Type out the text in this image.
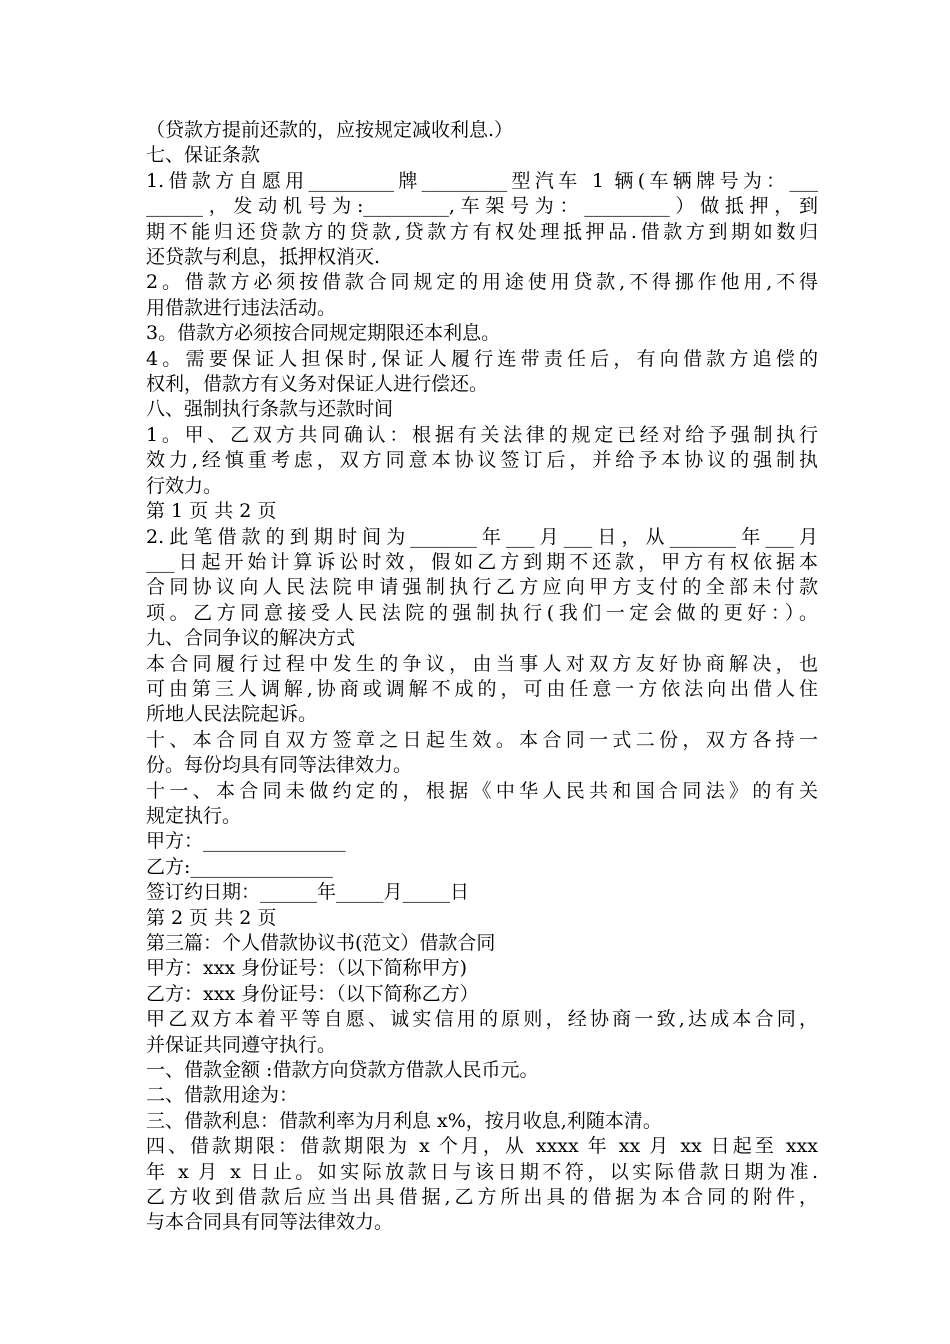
（贷款方提前还款的，应按规定减收利息.）
七、保证条款
1.借款方自愿用_________牌_________型汽车 1 辆(车辆牌号为：___
______，发动机号为:_________,车架号为：_________）做抵押，到
期不能归还贷款方的贷款,贷款方有权处理抵押品.借款方到期如数归
还贷款与利息，抵押权消灭.
2。借款方必须按借款合同规定的用途使用贷款,不得挪作他用,不得
用借款进行违法活动。
3。借款方必须按合同规定期限还本利息。
4。需要保证人担保时,保证人履行连带责任后，有向借款方追偿的
权利，借款方有义务对保证人进行偿还。
八、强制执行条款与还款时间
1。甲、乙双方共同确认：根据有关法律的规定已经对给予强制执行
效力,经慎重考虑，双方同意本协议签订后，并给予本协议的强制执
行效力。
第 1 页 共 2 页
2.此笔借款的到期时间为_______年___月___日，从_______年___月
___日起开始计算诉讼时效，假如乙方到期不还款，甲方有权依据本
合同协议向人民法院申请强制执行乙方应向甲方支付的全部未付款
项。乙方同意接受人民法院的强制执行(我们一定会做的更好：）。
九、合同争议的解决方式
本合同履行过程中发生的争议，由当事人对双方友好协商解决，也
可由第三人调解,协商或调解不成的，可由任意一方依法向出借人住
所地人民法院起诉。
十、本合同自双方签章之日起生效。本合同一式二份，双方各持一
份。每份均具有同等法律效力。
十一、本合同未做约定的，根据《中华人民共和国合同法》的有关
规定执行。
甲方：_______________
乙方:_______________
签订约日期：______年_____月_____日
第 2 页 共 2 页
第三篇：个人借款协议书(范文）借款合同
甲方：xxx 身份证号：（以下简称甲方)
乙方：xxx 身份证号：（以下简称乙方）
甲乙双方本着平等自愿、诚实信用的原则，经协商一致,达成本合同，
并保证共同遵守执行。
一、借款金额 :借款方向贷款方借款人民币元。
二、借款用途为：
三、借款利息：借款利率为月利息 x%，按月收息,利随本清。
四、借款期限：借款期限为 x 个月，从 xxxx 年 xx 月 xx 日起至 xxx
年 x 月 x 日止。如实际放款日与该日期不符，以实际借款日期为准.
乙方收到借款后应当出具借据,乙方所出具的借据为本合同的附件，
与本合同具有同等法律效力。
